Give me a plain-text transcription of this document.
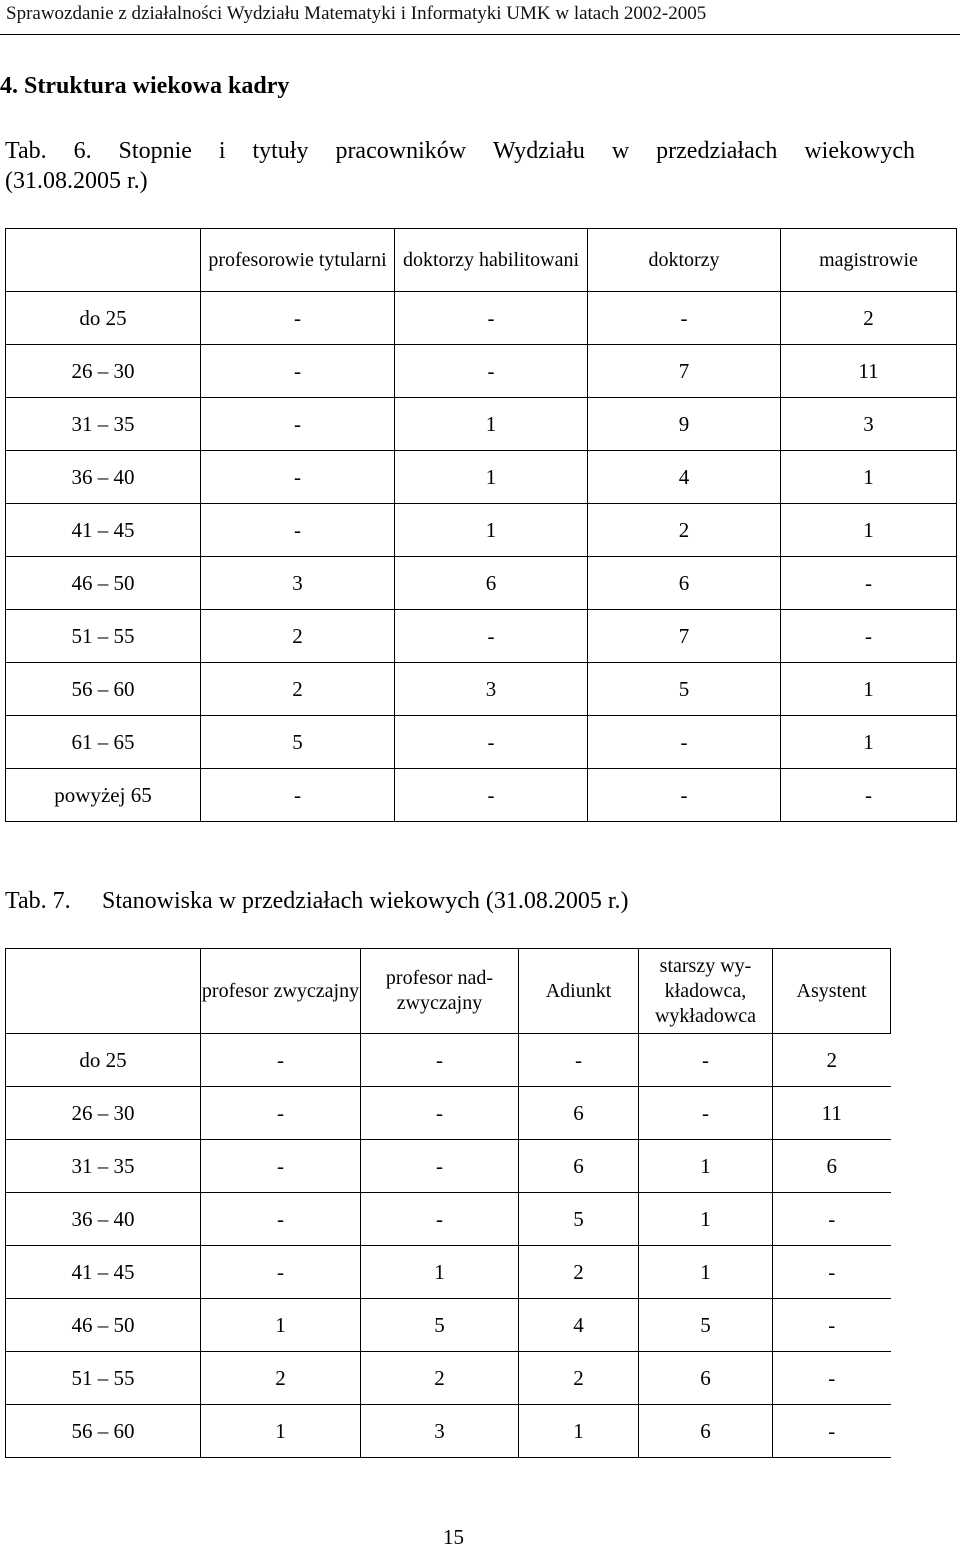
Sprawozdanie z działalności Wydziału Matematyki i Informatyki UMK w latach 2002-2005
4. Struktura wiekowa kadry
Tab. 6. Stopnie i tytuły pracowników Wydziału w przedziałach wiekowych
(31.08.2005 r.)
	profesorowie tytularni	doktorzy habilitowani	doktorzy	magistrowie
do 25	-	-	-	2
26 – 30	-	-	7	11
31 – 35	-	1	9	3
36 – 40	-	1	4	1
41 – 45	-	1	2	1
46 – 50	3	6	6	-
51 – 55	2	-	7	-
56 – 60	2	3	5	1
61 – 65	5	-	-	1
powyżej 65	-	-	-	-
Tab. 7. Stanowiska w przedziałach wiekowych (31.08.2005 r.)
	profesor zwyczajny	profesor nad-zwyczajny	Adiunkt	starszy wy-kładowca, wykładowca	Asystent
do 25	-	-	-	-	2
26 – 30	-	-	6	-	11
31 – 35	-	-	6	1	6
36 – 40	-	-	5	1	-
41 – 45	-	1	2	1	-
46 – 50	1	5	4	5	-
51 – 55	2	2	2	6	-
56 – 60	1	3	1	6	-
15
